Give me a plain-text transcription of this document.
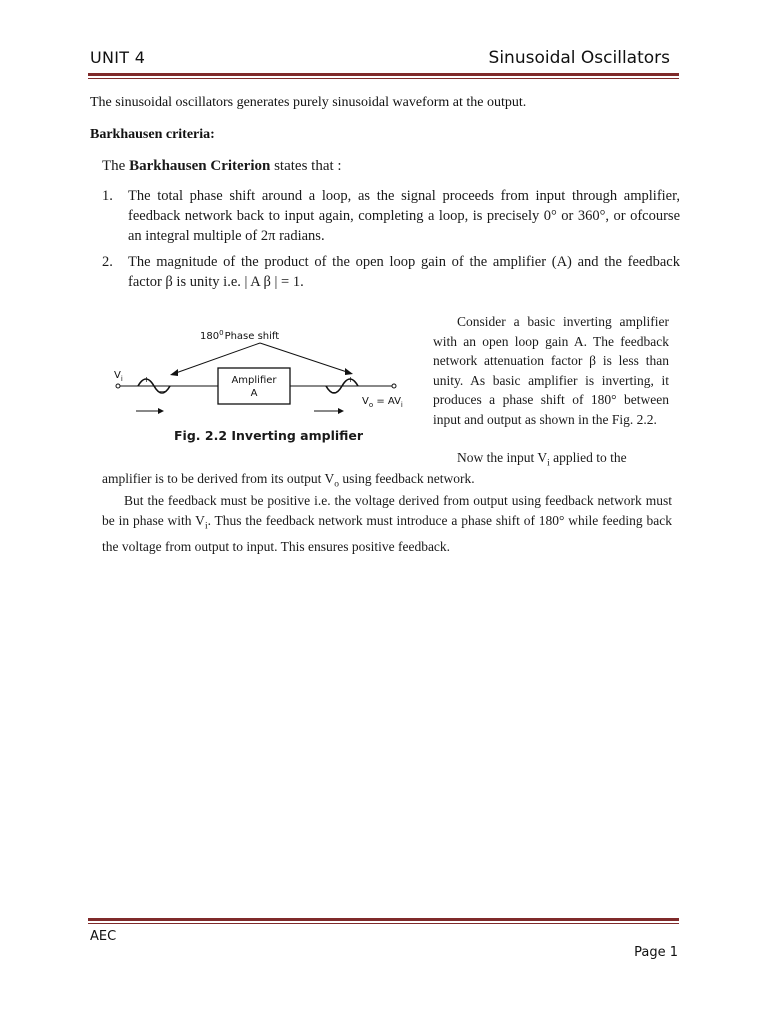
UNIT 4	Sinusoidal Oscillators
The sinusoidal oscillators generates purely sinusoidal waveform at the output.
Barkhausen criteria:
The Barkhausen Criterion states that :
1. The total phase shift around a loop, as the signal proceeds from input through amplifier, feedback network back to input again, completing a loop, is precisely 0° or 360°, or ofcourse an integral multiple of 2π radians.
2. The magnitude of the product of the open loop gain of the amplifier (A) and the feedback factor β is unity i.e. | A β | = 1.
$180^0Phase$ shift
$V_i$	+
−
Amplifier
A
+
−
$V_o = AV_i$
Fig. 2.2 Inverting amplifier
Consider a basic inverting amplifier with an open loop gain A. The feedback network attenuation factor β is less than unity. As basic amplifier is inverting, it produces a phase shift of 180° between input and output as shown in the Fig. 2.2.
Now the input $V_i$ applied to the
amplifier is to be derived from its output $V_o$ using feedback network.
But the feedback must be positive i.e. the voltage derived from output using feedback network must be in phase with $V_i$. Thus the feedback network must introduce a phase shift of 180° while feeding back the voltage from output to input. This ensures positive feedback.
AEC
Page 1
